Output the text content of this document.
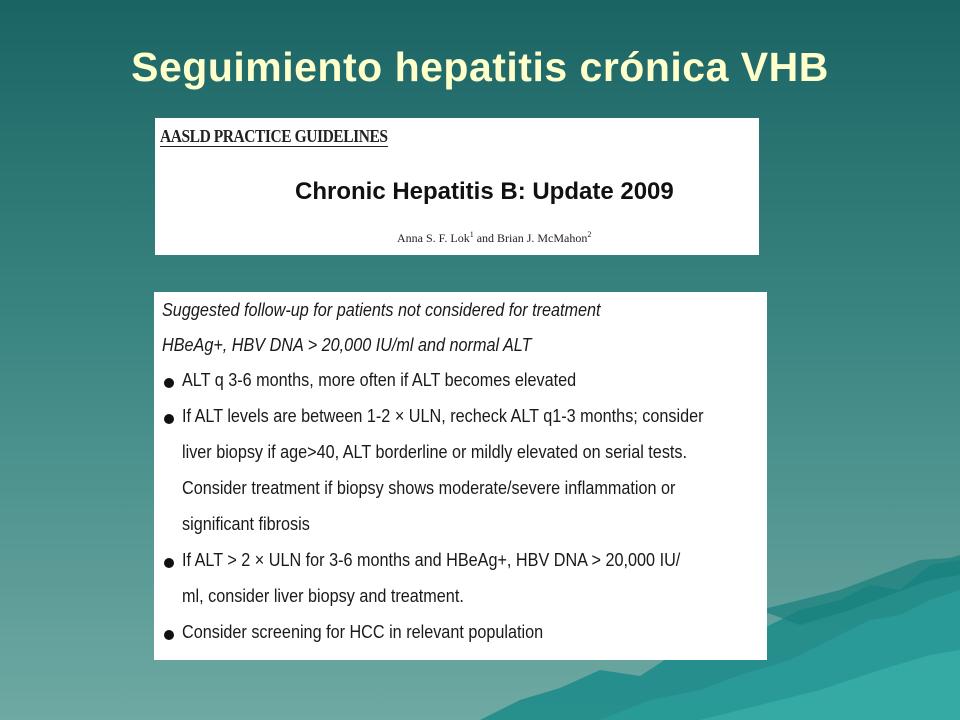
Seguimiento hepatitis crónica VHB
AASLD PRACTICE GUIDELINES
Chronic Hepatitis B: Update 2009
Anna S. F. Lok$^1$ and Brian J. McMahon$^2$
Suggested follow-up for patients not considered for treatment
HBeAg+, HBV DNA > 20,000 IU/ml and normal ALT
ALT q 3-6 months, more often if ALT becomes elevated
If ALT levels are between 1-2 × ULN, recheck ALT q1-3 months; consider
liver biopsy if age>40, ALT borderline or mildly elevated on serial tests.
Consider treatment if biopsy shows moderate/severe inflammation or
significant fibrosis
If ALT > 2 × ULN for 3-6 months and HBeAg+, HBV DNA > 20,000 IU/
ml, consider liver biopsy and treatment.
Consider screening for HCC in relevant population
